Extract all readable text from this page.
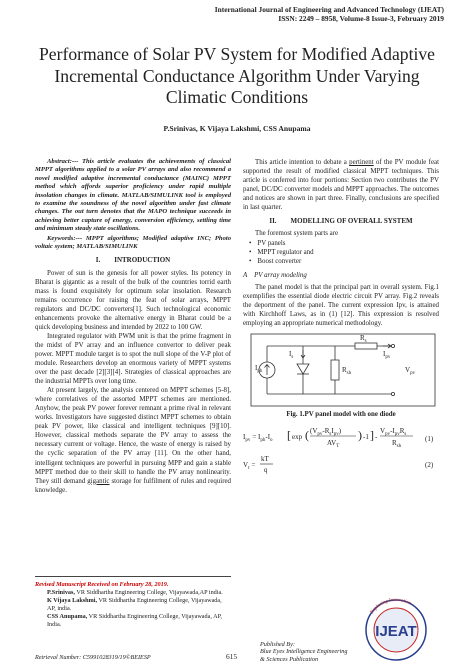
International Journal of Engineering and Advanced Technology (IJEAT)
ISSN: 2249 – 8958, Volume-8 Issue-3, February 2019
Performance of Solar PV System for Modified Adaptive Incremental Conductance Algorithm Under Varying Climatic Conditions
P.Srinivas, K Vijaya Lakshmi, CSS Anupama
Abstract:--- This article evaluates the achievements of classical MPPT algorithms applied to a solar PV arrays and also recommend a novel modified adaptive incremental conductance (MAINC) MPPT method which affords superior proficiency under rapid multiple insolation changes in climate. MATLAB/SIMULINK tool is employed to examine the soundness of the novel algorithm under fast climate changes. The out turn denotes that the MAPO technique succeeds in achieving better capture of energy, conversion efficiency, settling time and minimum steady state oscillations.
Keywords:--- MPPT algorithms; Modified adaptive INC; Photo voltaic system; MATLAB/SIMULINK
I.  INTRODUCTION
Power of sun is the genesis for all power styles. Its potency in Bharat is gigantic as a result of the bulk of the countries torrid earth mass is found exquisitely for optimum solar insolation. Research remains occurrence for raising the feat of solar arrays, MPPT regulators and DC/DC converters[1]. Such technological economic enhancements provoke the alternative energy in Bharat could be a quick developing business and intended by 2022 to 100 GW.
Integrated regulator with PWM unit is that the prime fragment in the midst of PV array and an influence convertor to deliver peak power. MPPT module target is to spot the null slope of the V-P plot of module. Researchers develop an enormous variety of MPPT systems over the past decade [2][3][4]. Strategies of classical approaches are the industrial MPPTs over long time.
At present largely, the analysis centered on MPPT schemes [5-8], where correlatives of the assorted MPPT schemes are mentioned. Anyhow, the peak PV power forever remnant a prime rival in relevant works. Investigators have suggested distinct MPPT schemes to obtain peak PV power, like classical and intelligent techniques [9][10]. However, classical methods separate the PV array to assess the necessary current or voltage. Hence, the waste of energy is raised by the cyclic separation of the PV array [11]. On the other hand, intelligent techniques are powerful in pursuing MPP and gain a stable MPPT method due to their skill to handle the PV array nonlinearity. They still demand gigantic storage for fulfilment of rules and required knowledge.
This article intention to debate a pertinent of the PV module feat supported the result of modified classical MPPT techniques. This article is conferred into four portions: Section two contributes the PV panel, DC/DC converter models and MPPT approaches. The outcomes and notices are shown in part three. Finally, conclusions are specified in last quarter.
II.  MODELLING OF OVERALL SYSTEM
The foremost system parts are
• PV panels
• MPPT regulator and
• Boost converter
A PV array modeling
The panel model is that the principal part in overall system. Fig.1 exemplifies the essential diode electric circuit PV array. Fig.2 reveals the deportment of the panel. The current expression Ipv, is attained with Kirchhoff Laws, as in (1) [12]. This expression is resolved employing an appropriate numerical methodology.
$I_{ph}$
$I_s$
$R_{sh}$
$R_s$
$I_{pv}$
$V_{pv}$
Fig. 1.PV panel model with one diode
$I_{pv} = I_{ph}-I_o$ [ exp ( $(V_{pv}-R_sI_{pv})$
$AV_T$
) -1 ] -
$V_{pv}-I_{pv}R_s$
$R_{sh}$
(1)
$V_t$ =
kT
q
(2)
Revised Manuscript Received on February 28, 2019.

P.Srinivas, VR Siddhartha Engineering College, Vijayawada,AP india.

K Vijaya Lakshmi, VR Siddhartha Engineering College, Vijayawada, AP, india.

CSS Anupama, VR Siddhartha Engineering College, Vijayawada, AP, India.

Retrieval Number: C5991028319/19©BEIESP	615
Published By:
Blue Eyes Intelligence Engineering
& Sciences Publication
Exploring Innovation
IJEAT
